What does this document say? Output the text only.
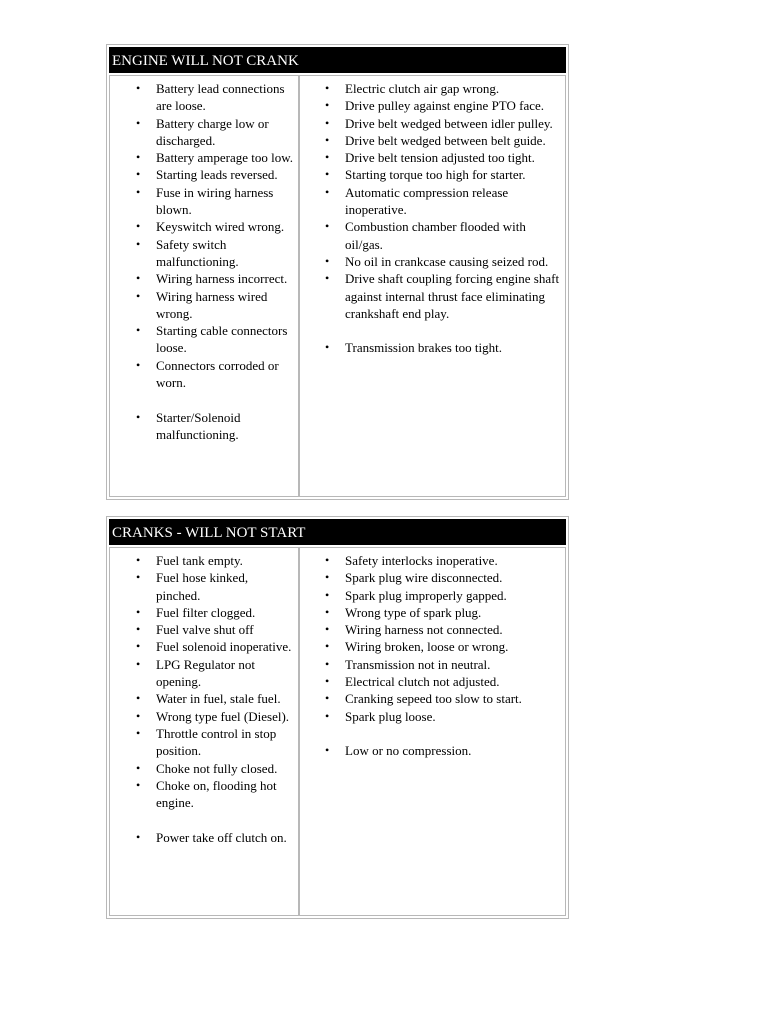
ENGINE WILL NOT CRANK
• Battery lead connections are loose.
• Battery charge low or discharged.
• Battery amperage too low.
• Starting leads reversed.
• Fuse in wiring harness blown.
• Keyswitch wired wrong.
• Safety switch malfunctioning.
• Wiring harness incorrect.
• Wiring harness wired wrong.
• Starting cable connectors loose.
• Connectors corroded or worn.
• Starter/Solenoid malfunctioning.
• Electric clutch air gap wrong.
• Drive pulley against engine PTO face.
• Drive belt wedged between idler pulley.
• Drive belt wedged between belt guide.
• Drive belt tension adjusted too tight.
• Starting torque too high for starter.
• Automatic compression release inoperative.
• Combustion chamber flooded with oil/gas.
• No oil in crankcase causing seized rod.
• Drive shaft coupling forcing engine shaft against internal thrust face eliminating crankshaft end play.
• Transmission brakes too tight.
CRANKS - WILL NOT START
• Fuel tank empty.
• Fuel hose kinked, pinched.
• Fuel filter clogged.
• Fuel valve shut off
• Fuel solenoid inoperative.
• LPG Regulator not opening.
• Water in fuel, stale fuel.
• Wrong type fuel (Diesel).
• Throttle control in stop position.
• Choke not fully closed.
• Choke on, flooding hot engine.
• Power take off clutch on.
• Safety interlocks inoperative.
• Spark plug wire disconnected.
• Spark plug improperly gapped.
• Wrong type of spark plug.
• Wiring harness not connected.
• Wiring broken, loose or wrong.
• Transmission not in neutral.
• Electrical clutch not adjusted.
• Cranking sepeed too slow to start.
• Spark plug loose.
• Low or no compression.
